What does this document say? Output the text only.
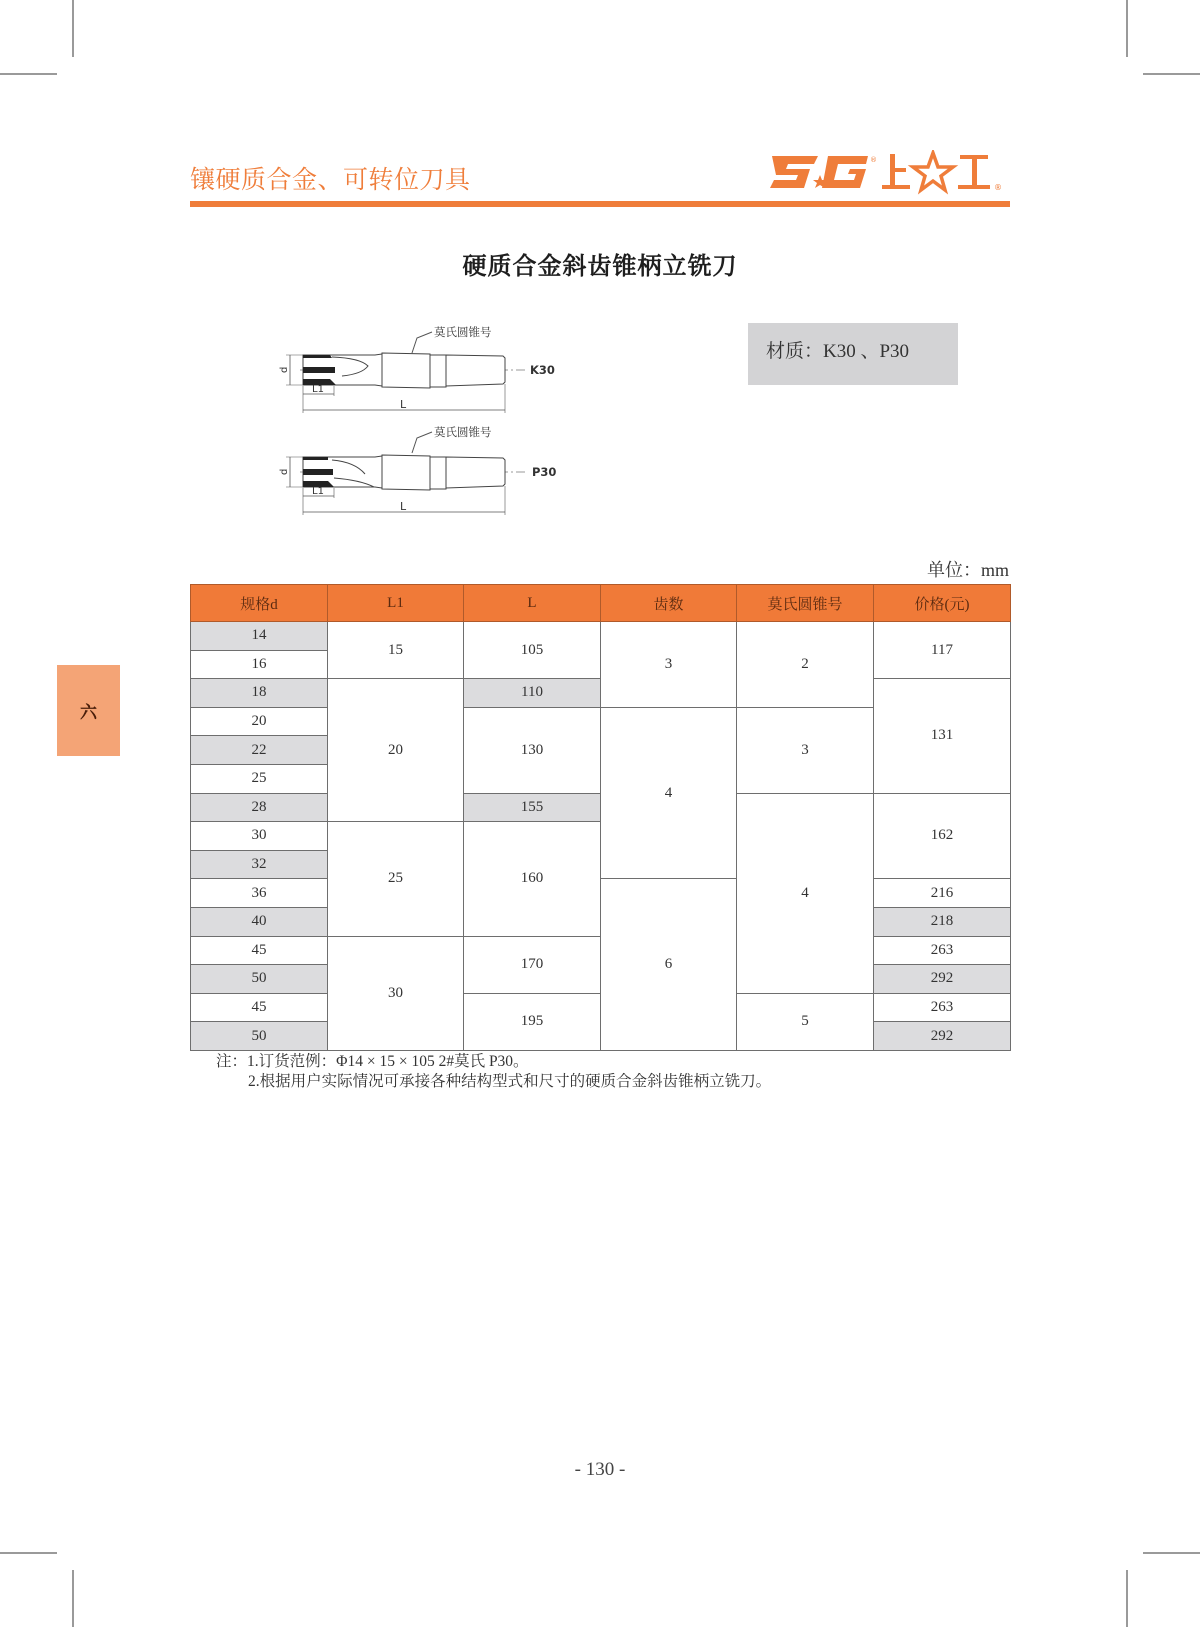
镶硬质合金、可转位刀具
®
®
硬质合金斜齿锥柄立铣刀
莫氏圆锥号
d
L1
L
K30
莫氏圆锥号
d
L1
L
P30
材质：K30 、P30
单位：mm
规格d	L1	L	齿数	莫氏圆锥号	价格(元)
14	15	105	3	2	117
16					
18	20	110			131
20		130	4	3	
22					
25					
28		155		4	162
30	25	160			
32					
36			6		216
40					218
45	30	170			263
50					292
45		195		5	263
50					292
注：1.订货范例：Φ14 × 15 × 105 2#莫氏 P30。
2.根据用户实际情况可承接各种结构型式和尺寸的硬质合金斜齿锥柄立铣刀。
六
- 130 -
